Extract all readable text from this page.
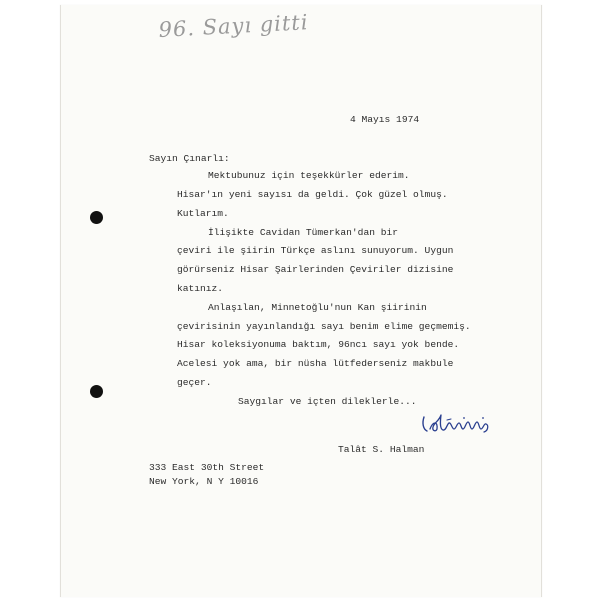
96. Sayı gitti
4 Mayıs 1974
Sayın Çınarlı:
Mektubunuz için teşekkürler ederim.
Hisar'ın yeni sayısı da geldi. Çok güzel olmuş.
Kutlarım.
İlişikte Cavidan Tümerkan'dan bir
çeviri ile şiirin Türkçe aslını sunuyorum. Uygun
görürseniz Hisar Şairlerinden Çeviriler dizisine
katınız.
Anlaşılan, Minnetoğlu'nun Kan şiirinin
çevirisinin yayınlandığı sayı benim elime geçmemiş.
Hisar koleksiyonuma baktım, 96ncı sayı yok bende.
Acelesi yok ama, bir nüsha lütfederseniz makbule
geçer.
Saygılar ve içten dileklerle...
Talât S. Halman
333 East 30th Street
New York, N Y 10016
